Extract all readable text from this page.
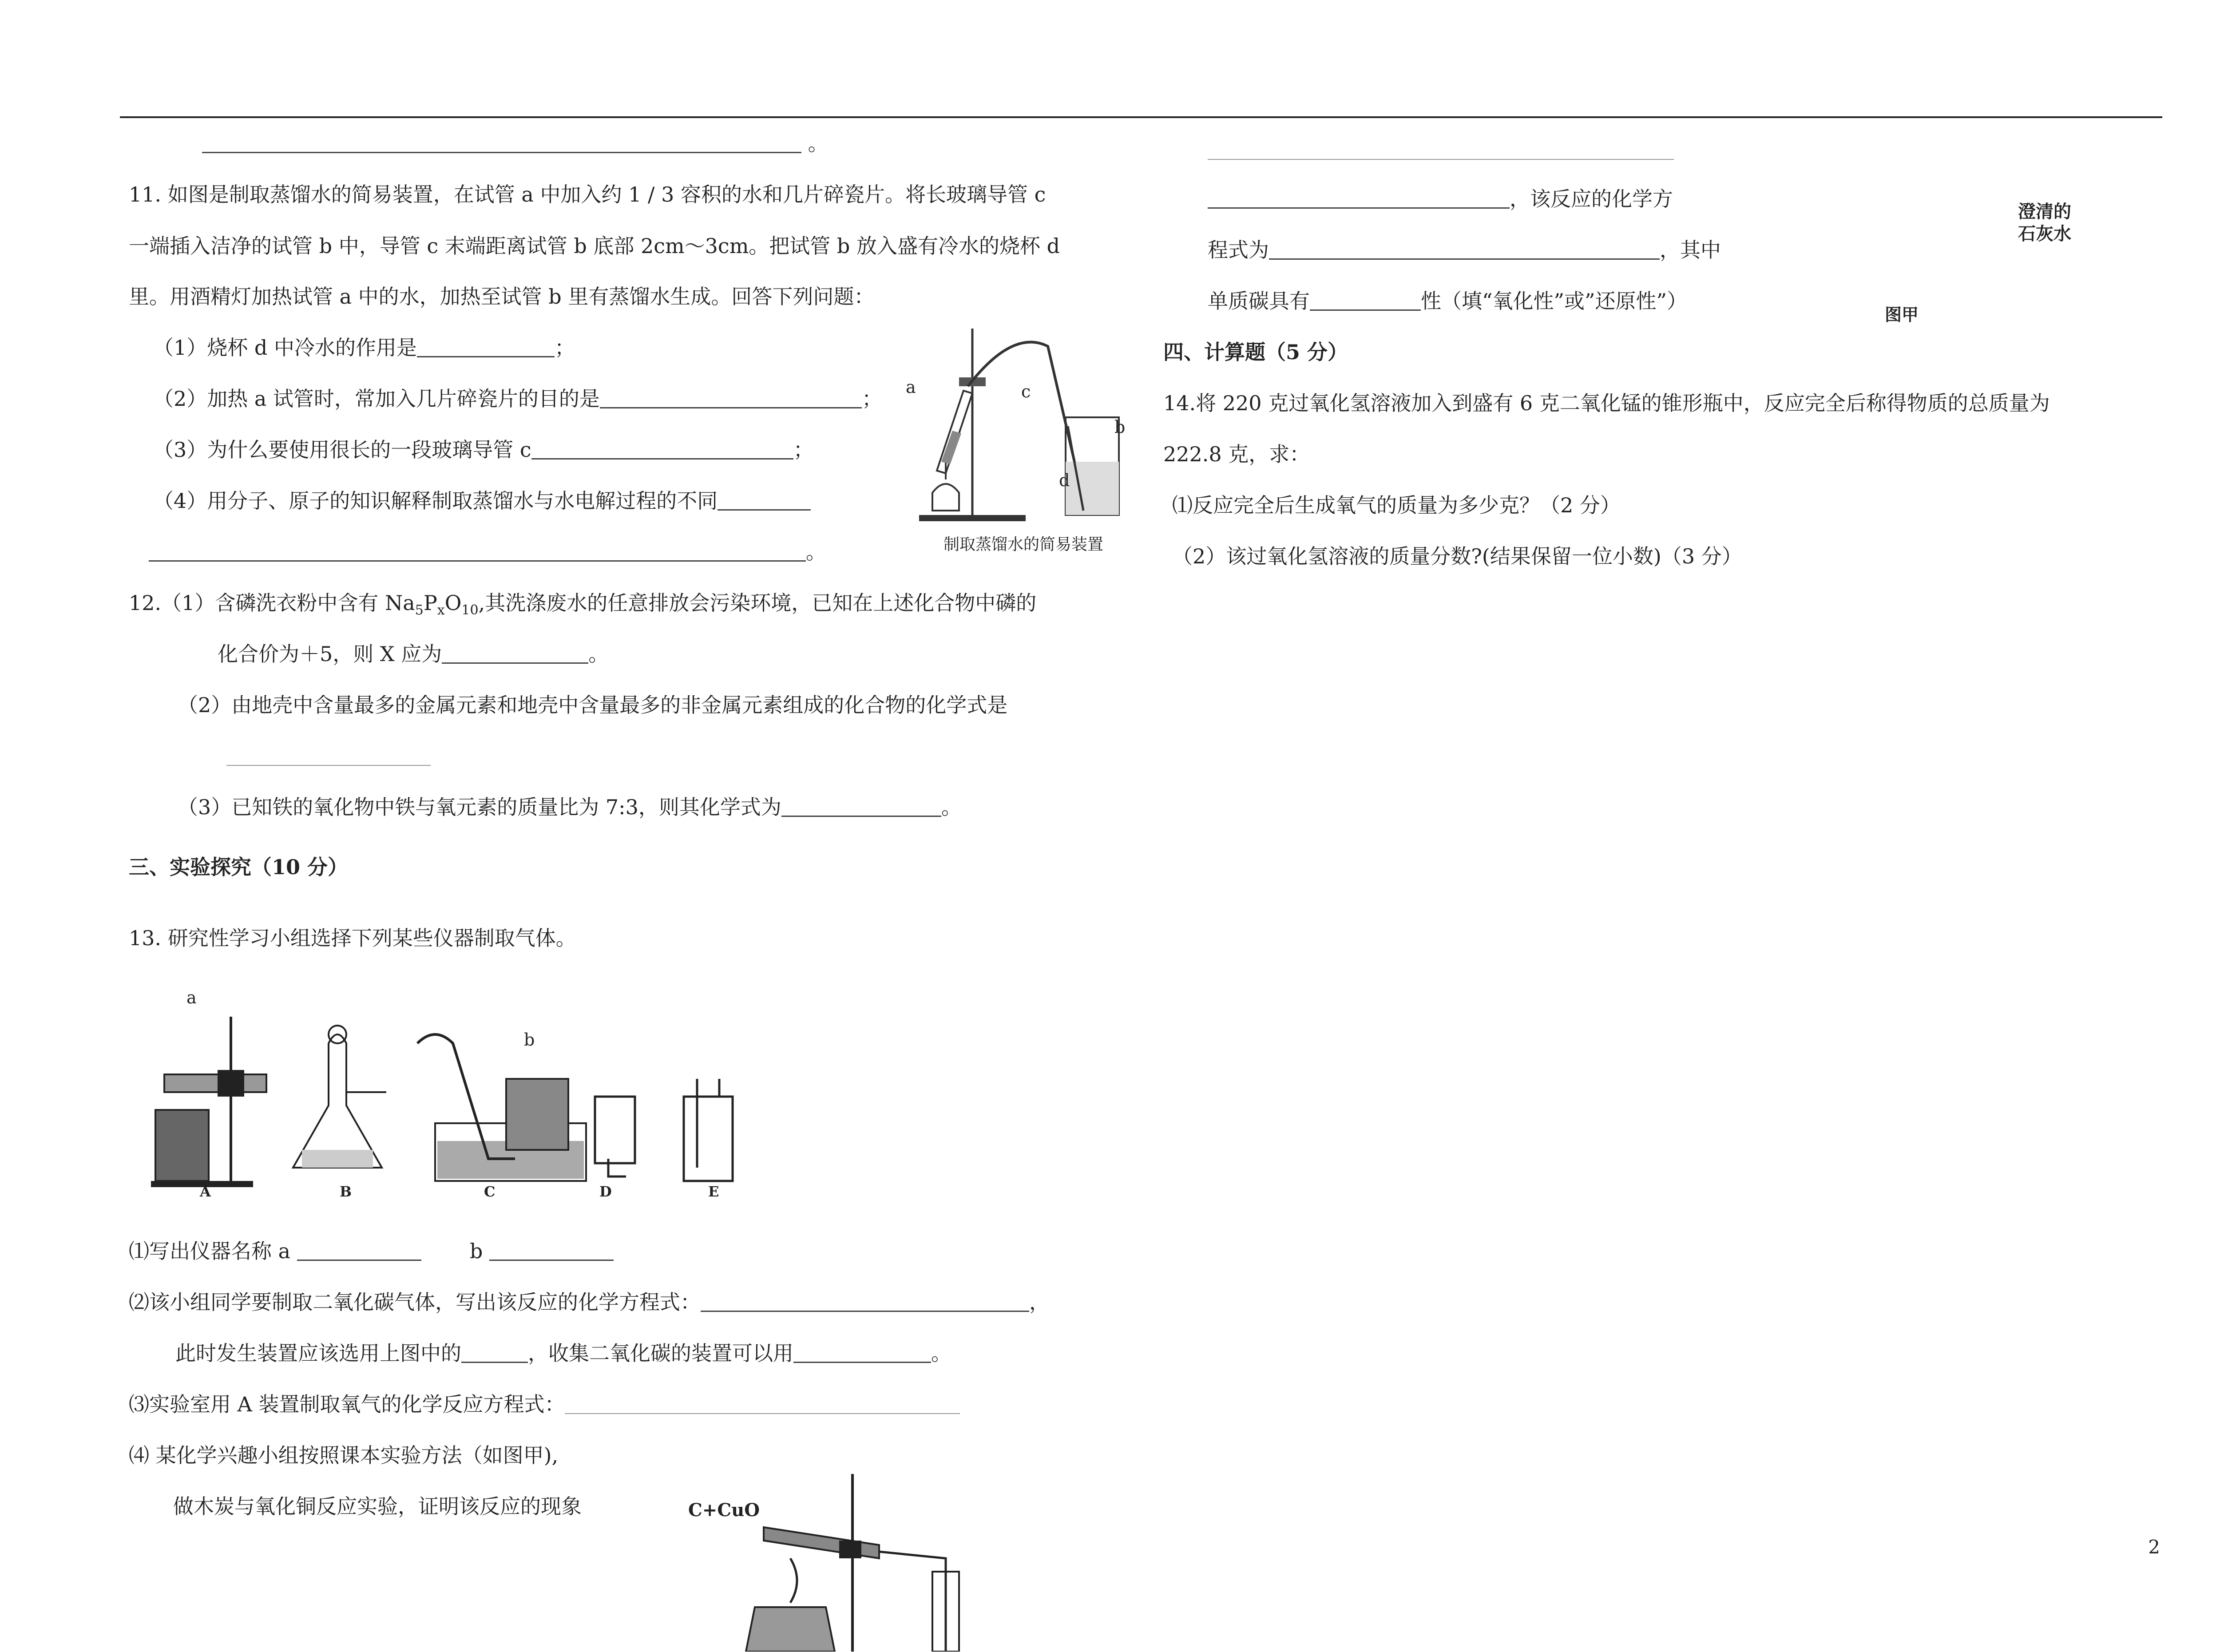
。
11. 如图是制取蒸馏水的简易装置，在试管 a 中加入约 1 / 3 容积的水和几片碎瓷片。将长玻璃导管 c
一端插入洁净的试管 b 中，导管 c 末端距离试管 b 底部 2cm～3cm。把试管 b 放入盛有冷水的烧杯 d
里。用酒精灯加热试管 a 中的水，加热至试管 b 里有蒸馏水生成。回答下列问题：
（1）烧杯 d 中冷水的作用是	；
（2）加热 a 试管时，常加入几片碎瓷片的目的是	；
（3）为什么要使用很长的一段玻璃导管 c	；
（4）用分子、原子的知识解释制取蒸馏水与水电解过程的不同
。
a	c
b
d
制取蒸馏水的简易装置
12.（1）含磷洗衣粉中含有 $Na_5P_xO_{10}$,其洗涤废水的任意排放会污染环境，已知在上述化合物中磷的
化合价为＋5，则 X 应为	。
（2）由地壳中含量最多的金属元素和地壳中含量最多的非金属元素组成的化合物的化学式是
（3）已知铁的氧化物中铁与氧元素的质量比为 7:3，则其化学式为	。
三、实验探究（10 分）
13. 研究性学习小组选择下列某些仪器制取气体。
a
b
A	B	C	D	E
⑴写出仪器名称 a	b
⑵该小组同学要制取二氧化碳气体，写出该反应的化学方程式：	，
此时发生装置应该选用上图中的	，收集二氧化碳的装置可以用	。
⑶实验室用 A 装置制取氧气的化学反应方程式：
⑷ 某化学兴趣小组按照课本实验方法（如图甲),
做木炭与氧化铜反应实验，证明该反应的现象	C+CuO
，该反应的化学方
程式为	，其中
单质碳具有	性（填“氧化性”或”还原性”）
澄清的
石灰水
图甲
四、计算题（5 分）
14.将 220 克过氧化氢溶液加入到盛有 6 克二氧化锰的锥形瓶中，反应完全后称得物质的总质量为
222.8 克，求：
⑴反应完全后生成氧气的质量为多少克？（2 分）
（2）该过氧化氢溶液的质量分数?(结果保留一位小数)（3 分）
2
